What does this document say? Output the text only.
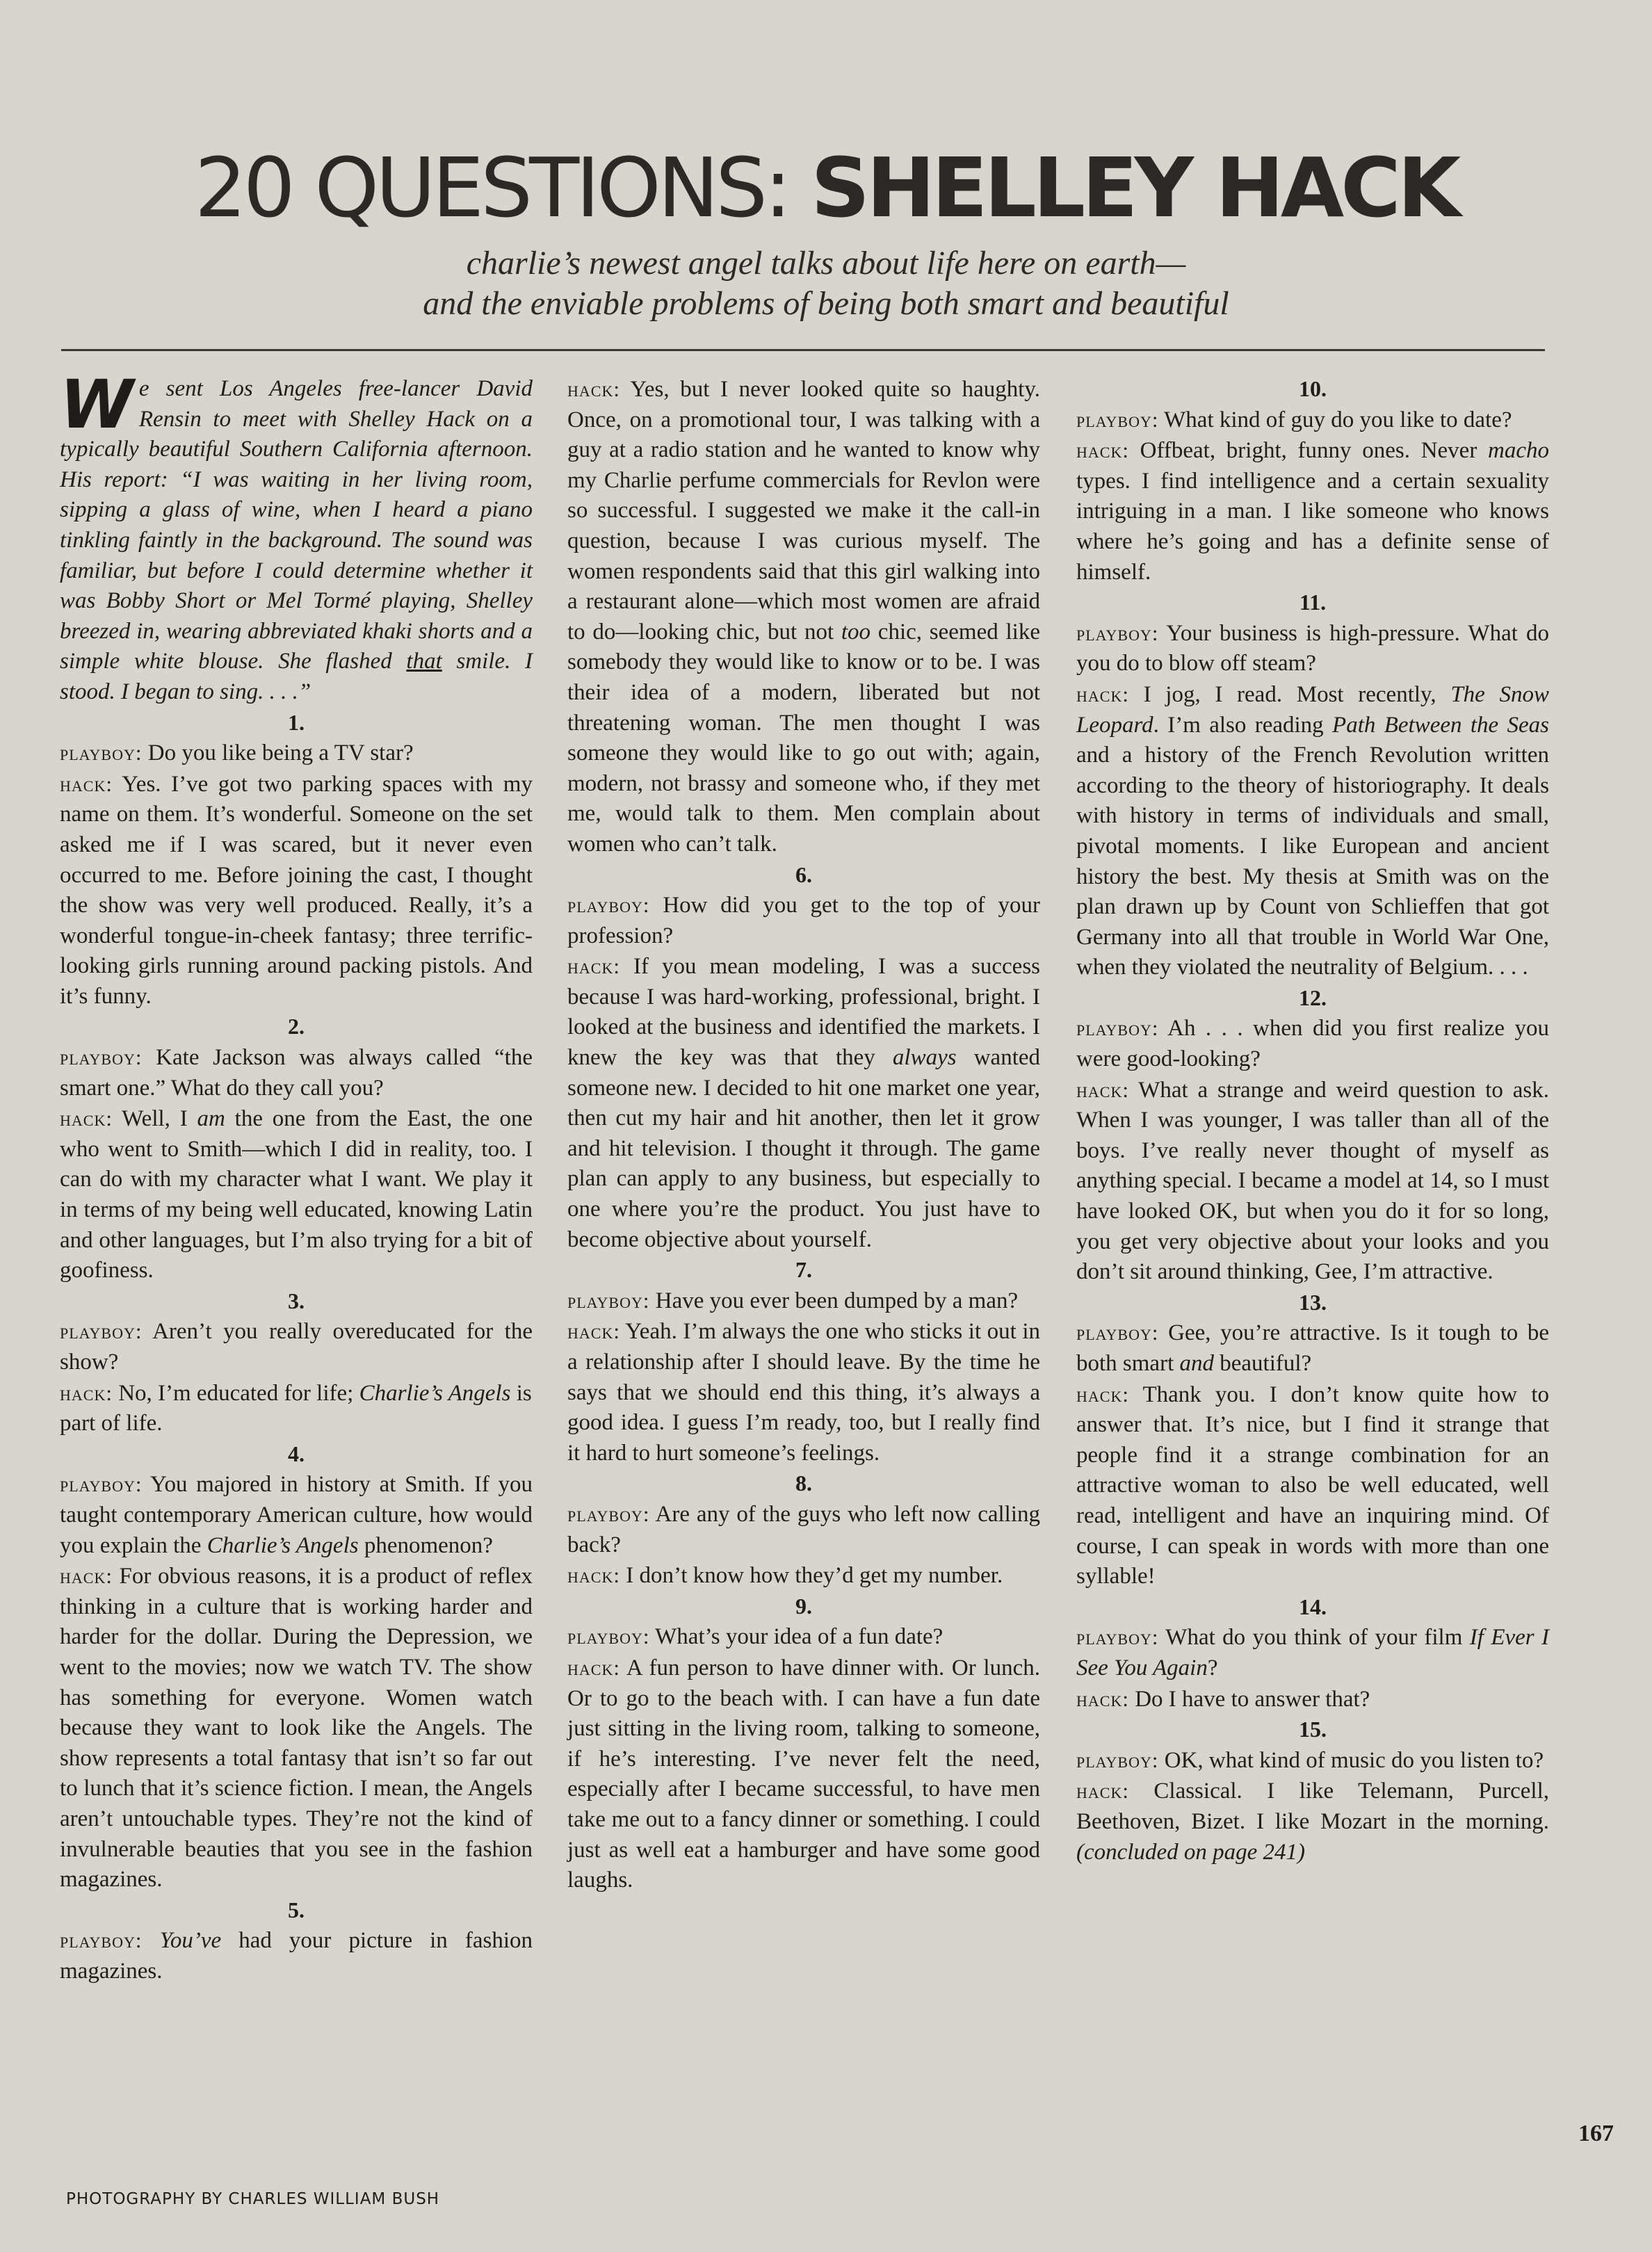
20 QUESTIONS: SHELLEY HACK
charlie’s newest angel talks about life here on earth—
and the enviable problems of being both smart and beautiful

We sent Los Angeles free-lancer David Rensin to meet with Shelley Hack on a typically beautiful Southern California afternoon. His report: “I was waiting in her living room, sipping a glass of wine, when I heard a piano tinkling faintly in the background. The sound was familiar, but before I could determine whether it was Bobby Short or Mel Tormé playing, Shelley breezed in, wearing abbreviated khaki shorts and a simple white blouse. She flashed that smile. I stood. I began to sing. . . .”

1.

playboy: Do you like being a TV star?

hack: Yes. I’ve got two parking spaces with my name on them. It’s wonderful. Someone on the set asked me if I was scared, but it never even occurred to me. Before joining the cast, I thought the show was very well produced. Really, it’s a wonderful tongue-in-cheek fantasy; three terrific-looking girls running around packing pistols. And it’s funny.

2.

playboy: Kate Jackson was always called “the smart one.” What do they call you?

hack: Well, I am the one from the East, the one who went to Smith—which I did in reality, too. I can do with my character what I want. We play it in terms of my being well educated, knowing Latin and other languages, but I’m also trying for a bit of goofiness.

3.

playboy: Aren’t you really overeducated for the show?

hack: No, I’m educated for life; Charlie’s Angels is part of life.

4.

playboy: You majored in history at Smith. If you taught contemporary American culture, how would you explain the Charlie’s Angels phenomenon?

hack: For obvious reasons, it is a product of reflex thinking in a culture that is working harder and harder for the dollar. During the Depression, we went to the movies; now we watch TV. The show has something for everyone. Women watch because they want to look like the Angels. The show represents a total fantasy that isn’t so far out to lunch that it’s science fiction. I mean, the Angels aren’t untouchable types. They’re not the kind of invulnerable beauties that you see in the fashion magazines.

5.

playboy: You’ve had your picture in fashion magazines.

hack: Yes, but I never looked quite so haughty. Once, on a promotional tour, I was talking with a guy at a radio station and he wanted to know why my Charlie perfume commercials for Revlon were so successful. I suggested we make it the call-in question, because I was curious myself. The women respondents said that this girl walking into a restaurant alone—which most women are afraid to do—looking chic, but not too chic, seemed like somebody they would like to know or to be. I was their idea of a modern, liberated but not threatening woman. The men thought I was someone they would like to go out with; again, modern, not brassy and someone who, if they met me, would talk to them. Men complain about women who can’t talk.

6.

playboy: How did you get to the top of your profession?

hack: If you mean modeling, I was a success because I was hard-working, professional, bright. I looked at the business and identified the markets. I knew the key was that they always wanted someone new. I decided to hit one market one year, then cut my hair and hit another, then let it grow and hit television. I thought it through. The game plan can apply to any business, but especially to one where you’re the product. You just have to become objective about yourself.

7.

playboy: Have you ever been dumped by a man?

hack: Yeah. I’m always the one who sticks it out in a relationship after I should leave. By the time he says that we should end this thing, it’s always a good idea. I guess I’m ready, too, but I really find it hard to hurt someone’s feelings.

8.

playboy: Are any of the guys who left now calling back?

hack: I don’t know how they’d get my number.

9.

playboy: What’s your idea of a fun date?

hack: A fun person to have dinner with. Or lunch. Or to go to the beach with. I can have a fun date just sitting in the living room, talking to someone, if he’s interesting. I’ve never felt the need, especially after I became successful, to have men take me out to a fancy dinner or something. I could just as well eat a hamburger and have some good laughs.

10.

playboy: What kind of guy do you like to date?

hack: Offbeat, bright, funny ones. Never macho types. I find intelligence and a certain sexuality intriguing in a man. I like someone who knows where he’s going and has a definite sense of himself.

11.

playboy: Your business is high-pressure. What do you do to blow off steam?

hack: I jog, I read. Most recently, The Snow Leopard. I’m also reading Path Between the Seas and a history of the French Revolution written according to the theory of historiography. It deals with history in terms of individuals and small, pivotal moments. I like European and ancient history the best. My thesis at Smith was on the plan drawn up by Count von Schlieffen that got Germany into all that trouble in World War One, when they violated the neutrality of Belgium. . . .

12.

playboy: Ah . . . when did you first realize you were good-looking?

hack: What a strange and weird question to ask. When I was younger, I was taller than all of the boys. I’ve really never thought of myself as anything special. I became a model at 14, so I must have looked OK, but when you do it for so long, you get very objective about your looks and you don’t sit around thinking, Gee, I’m attractive.

13.

playboy: Gee, you’re attractive. Is it tough to be both smart and beautiful?

hack: Thank you. I don’t know quite how to answer that. It’s nice, but I find it strange that people find it a strange combination for an attractive woman to also be well educated, well read, intelligent and have an inquiring mind. Of course, I can speak in words with more than one syllable!

14.

playboy: What do you think of your film If Ever I See You Again?

hack: Do I have to answer that?

15.

playboy: OK, what kind of music do you listen to?

hack: Classical. I like Telemann, Purcell, Beethoven, Bizet. I like Mozart in the morning. (concluded on page 241)

167
PHOTOGRAPHY BY CHARLES WILLIAM BUSH
